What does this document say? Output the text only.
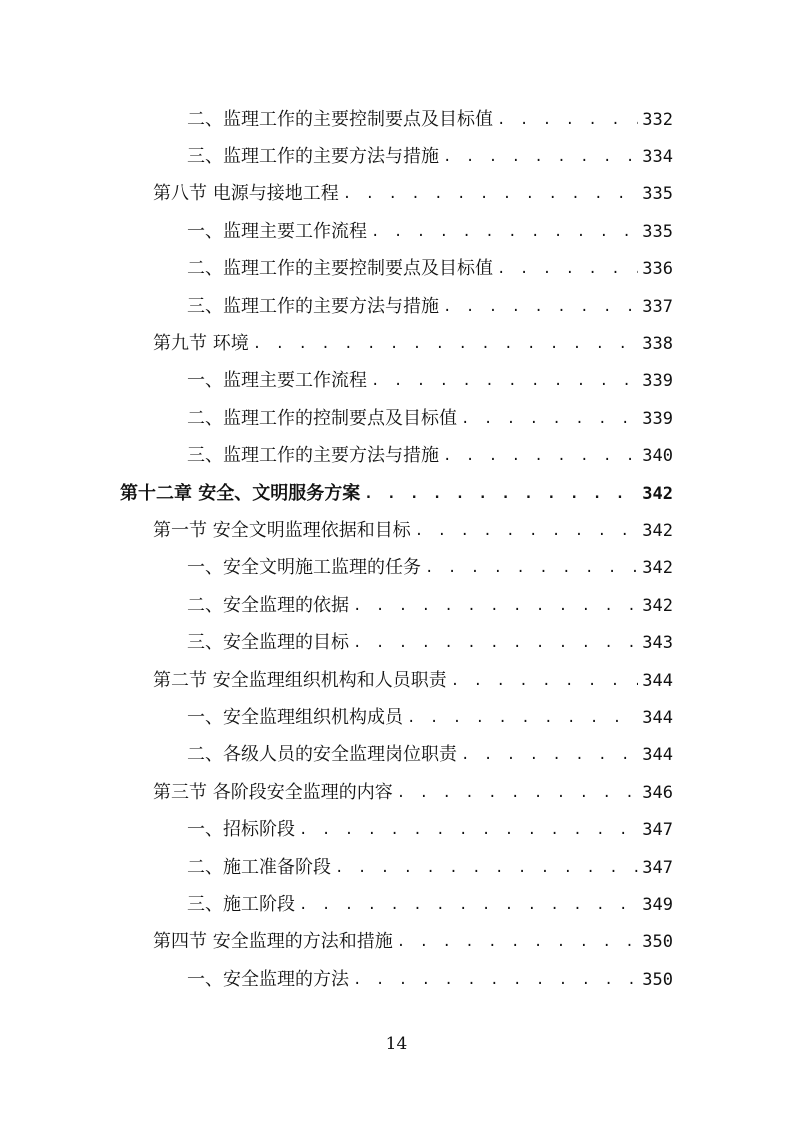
二、监理工作的主要控制要点及目标值 . . .	332
三、监理工作的主要方法与措施 . . .	334
第八节 电源与接地工程 . . .	335
一、监理主要工作流程 . . .	335
二、监理工作的主要控制要点及目标值 . . .	336
三、监理工作的主要方法与措施 . . .	337
第九节 环境 . . .	338
一、监理主要工作流程 . . .	339
二、监理工作的控制要点及目标值 . . .	339
三、监理工作的主要方法与措施 . . .	340
第十二章 安全、文明服务方案 . . .	342
第一节 安全文明监理依据和目标 . . .	342
一、安全文明施工监理的任务 . . .	342
二、安全监理的依据 . . .	342
三、安全监理的目标 . . .	343
第二节 安全监理组织机构和人员职责 . . .	344
一、安全监理组织机构成员 . . .	344
二、各级人员的安全监理岗位职责 . . .	344
第三节 各阶段安全监理的内容 . . .	346
一、招标阶段 . . .	347
二、施工准备阶段 . . .	347
三、施工阶段 . . .	349
第四节 安全监理的方法和措施 . . .	350
一、安全监理的方法 . . .	350
14
